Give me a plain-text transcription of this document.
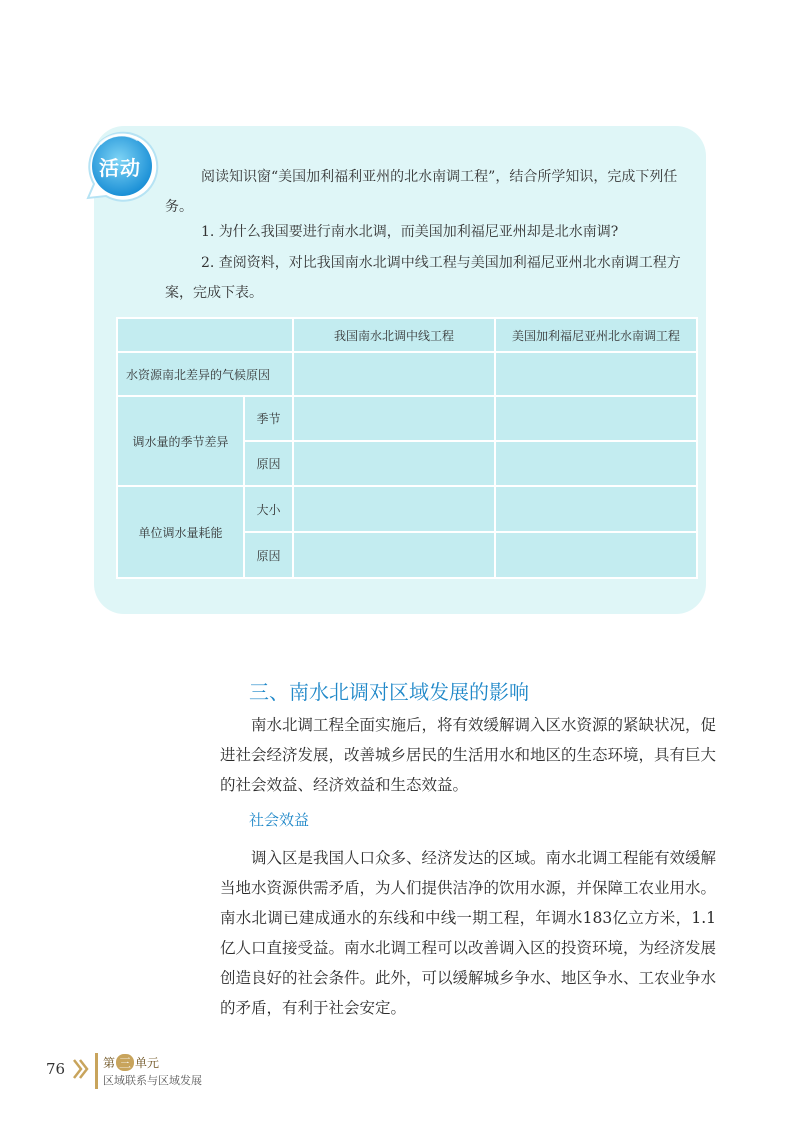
活动	阅读知识窗“美国加利福利亚州的北水南调工程”，结合所学知识，完成下列任务。
1. 为什么我国要进行南水北调，而美国加利福尼亚州却是北水南调?
2. 查阅资料，对比我国南水北调中线工程与美国加利福尼亚州北水南调工程方案，完成下表。
		我国南水北调中线工程	美国加利福尼亚州北水南调工程
水资源南北差异的气候原因			
调水量的季节差异	季节		
	原因		
单位调水量耗能	大小		
	原因		
三、南水北调对区域发展的影响
南水北调工程全面实施后，将有效缓解调入区水资源的紧缺状况，促进社会经济发展，改善城乡居民的生活用水和地区的生态环境，具有巨大的社会效益、经济效益和生态效益。
社会效益
调入区是我国人口众多、经济发达的区域。南水北调工程能有效缓解当地水资源供需矛盾，为人们提供洁净的饮用水源，并保障工农业用水。南水北调已建成通水的东线和中线一期工程，年调水183亿立方米，1.1亿人口直接受益。南水北调工程可以改善调入区的投资环境，为经济发展创造良好的社会条件。此外，可以缓解城乡争水、地区争水、工农业争水的矛盾，有利于社会安定。
76	第 三 单元
区域联系与区域发展
